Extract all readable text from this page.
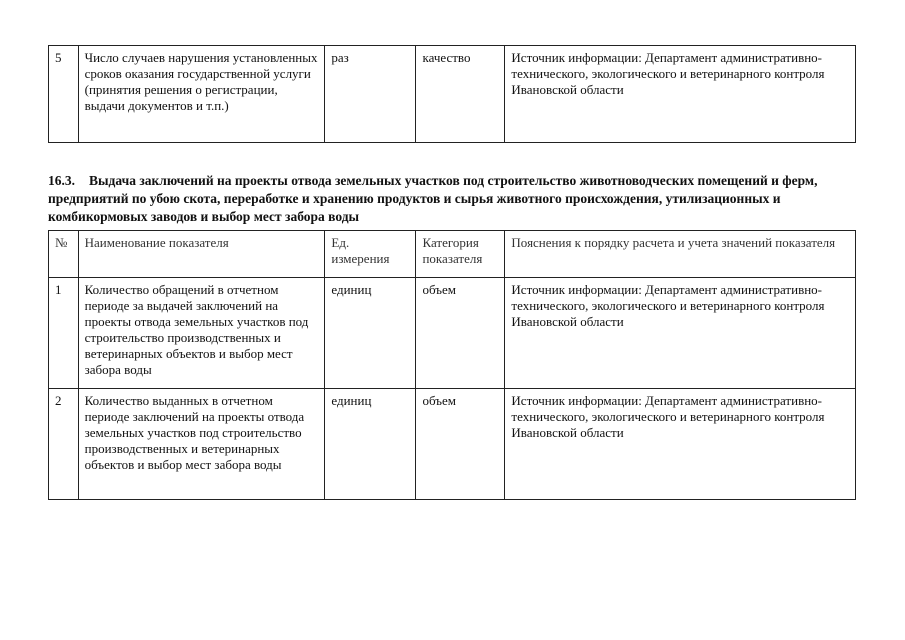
5	Число случаев нарушения установленных сроков оказания государственной услуги (принятия решения о регистрации, выдачи документов и т.п.)	раз	качество	Источник информации: Департамент административно-технического, экологического и ветеринарного контроля Ивановской области
16.3. Выдача заключений на проекты отвода земельных участков под строительство животноводческих помещений и ферм, предприятий по убою скота, переработке и хранению продуктов и сырья животного происхождения, утилизационных и комбикормовых заводов и выбор мест забора воды
№	Наименование показателя	Ед. измерения	Категория показателя	Пояснения к порядку расчета и учета значений показателя
1	Количество обращений в отчетном периоде за выдачей заключений на проекты отвода земельных участков под строительство производственных и ветеринарных объектов и выбор мест забора воды	единиц	объем	Источник информации: Департамент административно-технического, экологического и ветеринарного контроля Ивановской области
2	Количество выданных в отчетном периоде заключений на проекты отвода земельных участков под строительство производственных и ветеринарных объектов и выбор мест забора воды	единиц	объем	Источник информации: Департамент административно-технического, экологического и ветеринарного контроля Ивановской области
